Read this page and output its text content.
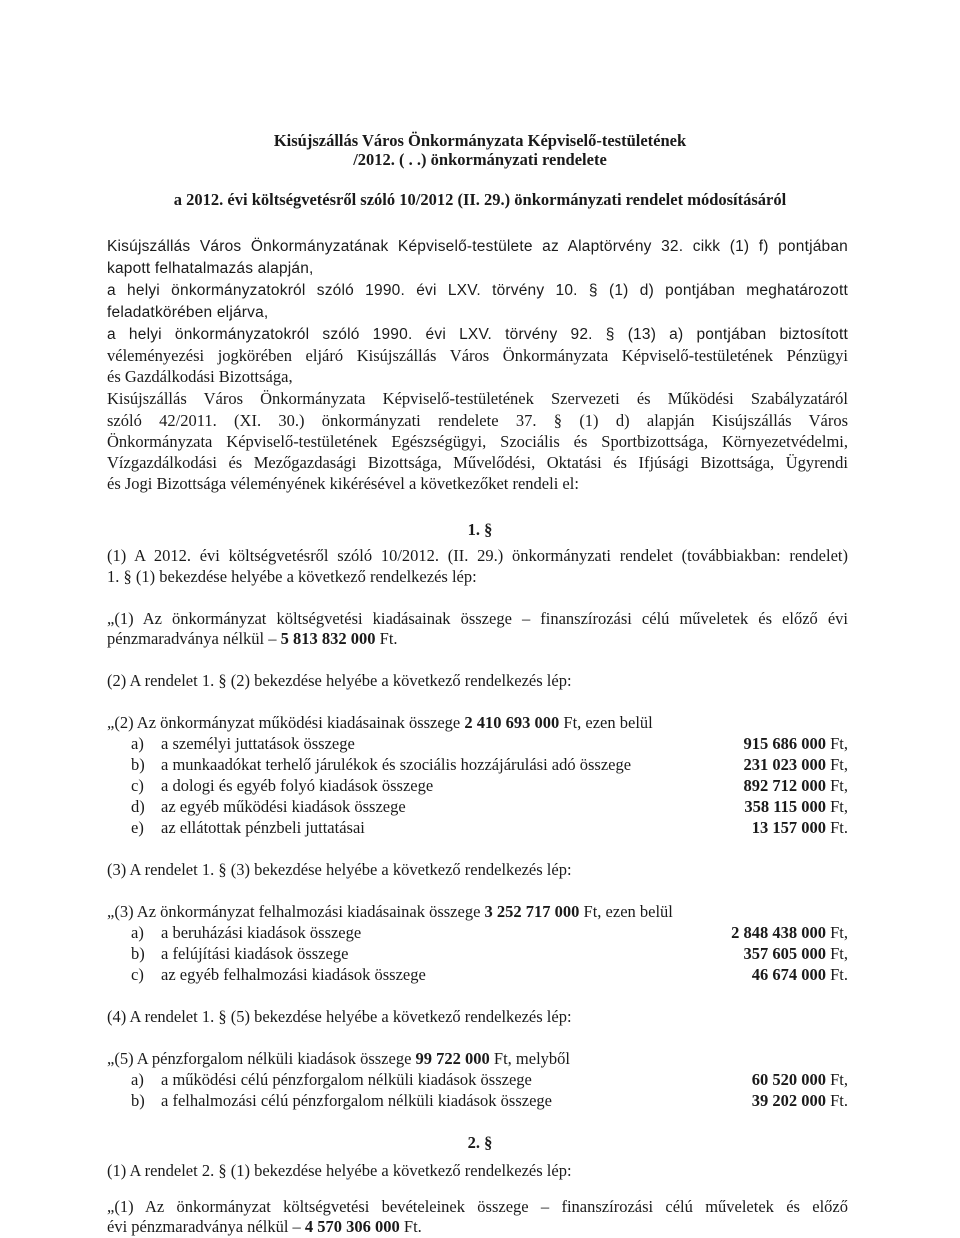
Kisújszállás Város Önkormányzata Képviselő-testületének
/2012. ( . .) önkormányzati rendelete
a 2012. évi költségvetésről szóló 10/2012 (II. 29.) önkormányzati rendelet módosításáról
Kisújszállás Város Önkormányzatának Képviselő-testülete az Alaptörvény 32. cikk (1) f) pontjában
kapott felhatalmazás alapján,
a helyi önkormányzatokról szóló 1990. évi LXV. törvény 10. § (1) d) pontjában meghatározott
feladatkörében eljárva,
a helyi önkormányzatokról szóló 1990. évi LXV. törvény 92. § (13) a) pontjában biztosított
véleményezési jogkörében eljáró Kisújszállás Város Önkormányzata Képviselő-testületének Pénzügyi
és Gazdálkodási Bizottsága,
Kisújszállás Város Önkormányzata Képviselő-testületének Szervezeti és Működési Szabályzatáról
szóló 42/2011. (XI. 30.) önkormányzati rendelete 37. § (1) d) alapján Kisújszállás Város
Önkormányzata Képviselő-testületének Egészségügyi, Szociális és Sportbizottsága, Környezetvédelmi,
Vízgazdálkodási és Mezőgazdasági Bizottsága, Művelődési, Oktatási és Ifjúsági Bizottsága, Ügyrendi
és Jogi Bizottsága véleményének kikérésével a következőket rendeli el:
1. §
(1) A 2012. évi költségvetésről szóló 10/2012. (II. 29.) önkormányzati rendelet (továbbiakban: rendelet)
1. § (1) bekezdése helyébe a következő rendelkezés lép:
„(1) Az önkormányzat költségvetési kiadásainak összege – finanszírozási célú műveletek és előző évi
pénzmaradványa nélkül – 5 813 832 000 Ft.
(2) A rendelet 1. § (2) bekezdése helyébe a következő rendelkezés lép:
„(2) Az önkormányzat működési kiadásainak összege 2 410 693 000 Ft, ezen belül
a) a személyi juttatások összege	915 686 000 Ft,
b) a munkaadókat terhelő járulékok és szociális hozzájárulási adó összege	231 023 000 Ft,
c) a dologi és egyéb folyó kiadások összege	892 712 000 Ft,
d) az egyéb működési kiadások összege	358 115 000 Ft,
e) az ellátottak pénzbeli juttatásai	13 157 000 Ft.
(3) A rendelet 1. § (3) bekezdése helyébe a következő rendelkezés lép:
„(3) Az önkormányzat felhalmozási kiadásainak összege 3 252 717 000 Ft, ezen belül
a) a beruházási kiadások összege	2 848 438 000 Ft,
b) a felújítási kiadások összege	357 605 000 Ft,
c) az egyéb felhalmozási kiadások összege	46 674 000 Ft.
(4) A rendelet 1. § (5) bekezdése helyébe a következő rendelkezés lép:
„(5) A pénzforgalom nélküli kiadások összege 99 722 000 Ft, melyből
a) a működési célú pénzforgalom nélküli kiadások összege	60 520 000 Ft,
b) a felhalmozási célú pénzforgalom nélküli kiadások összege	39 202 000 Ft.
2. §
(1) A rendelet 2. § (1) bekezdése helyébe a következő rendelkezés lép:
„(1) Az önkormányzat költségvetési bevételeinek összege – finanszírozási célú műveletek és előző
évi pénzmaradványa nélkül – 4 570 306 000 Ft.
